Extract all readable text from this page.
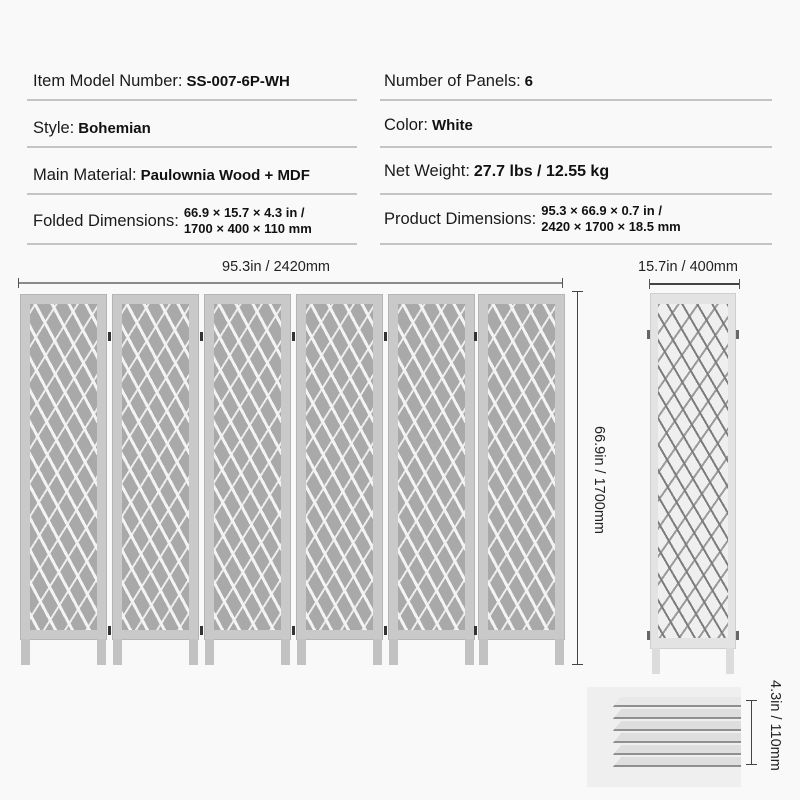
Item Model Number: SS-007-6P-WH
Style: Bohemian
Main Material: Paulownia Wood + MDF
Folded Dimensions: 66.9 × 15.7 × 4.3 in /
1700 × 400 × 110 mm
Number of Panels: 6
Color: White
Net Weight: 27.7 lbs / 12.55 kg
Product Dimensions: 95.3 × 66.9 × 0.7 in /
2420 × 1700 × 18.5 mm
95.3in / 2420mm
66.9in / 1700mm
15.7in / 400mm
4.3in / 110mm
